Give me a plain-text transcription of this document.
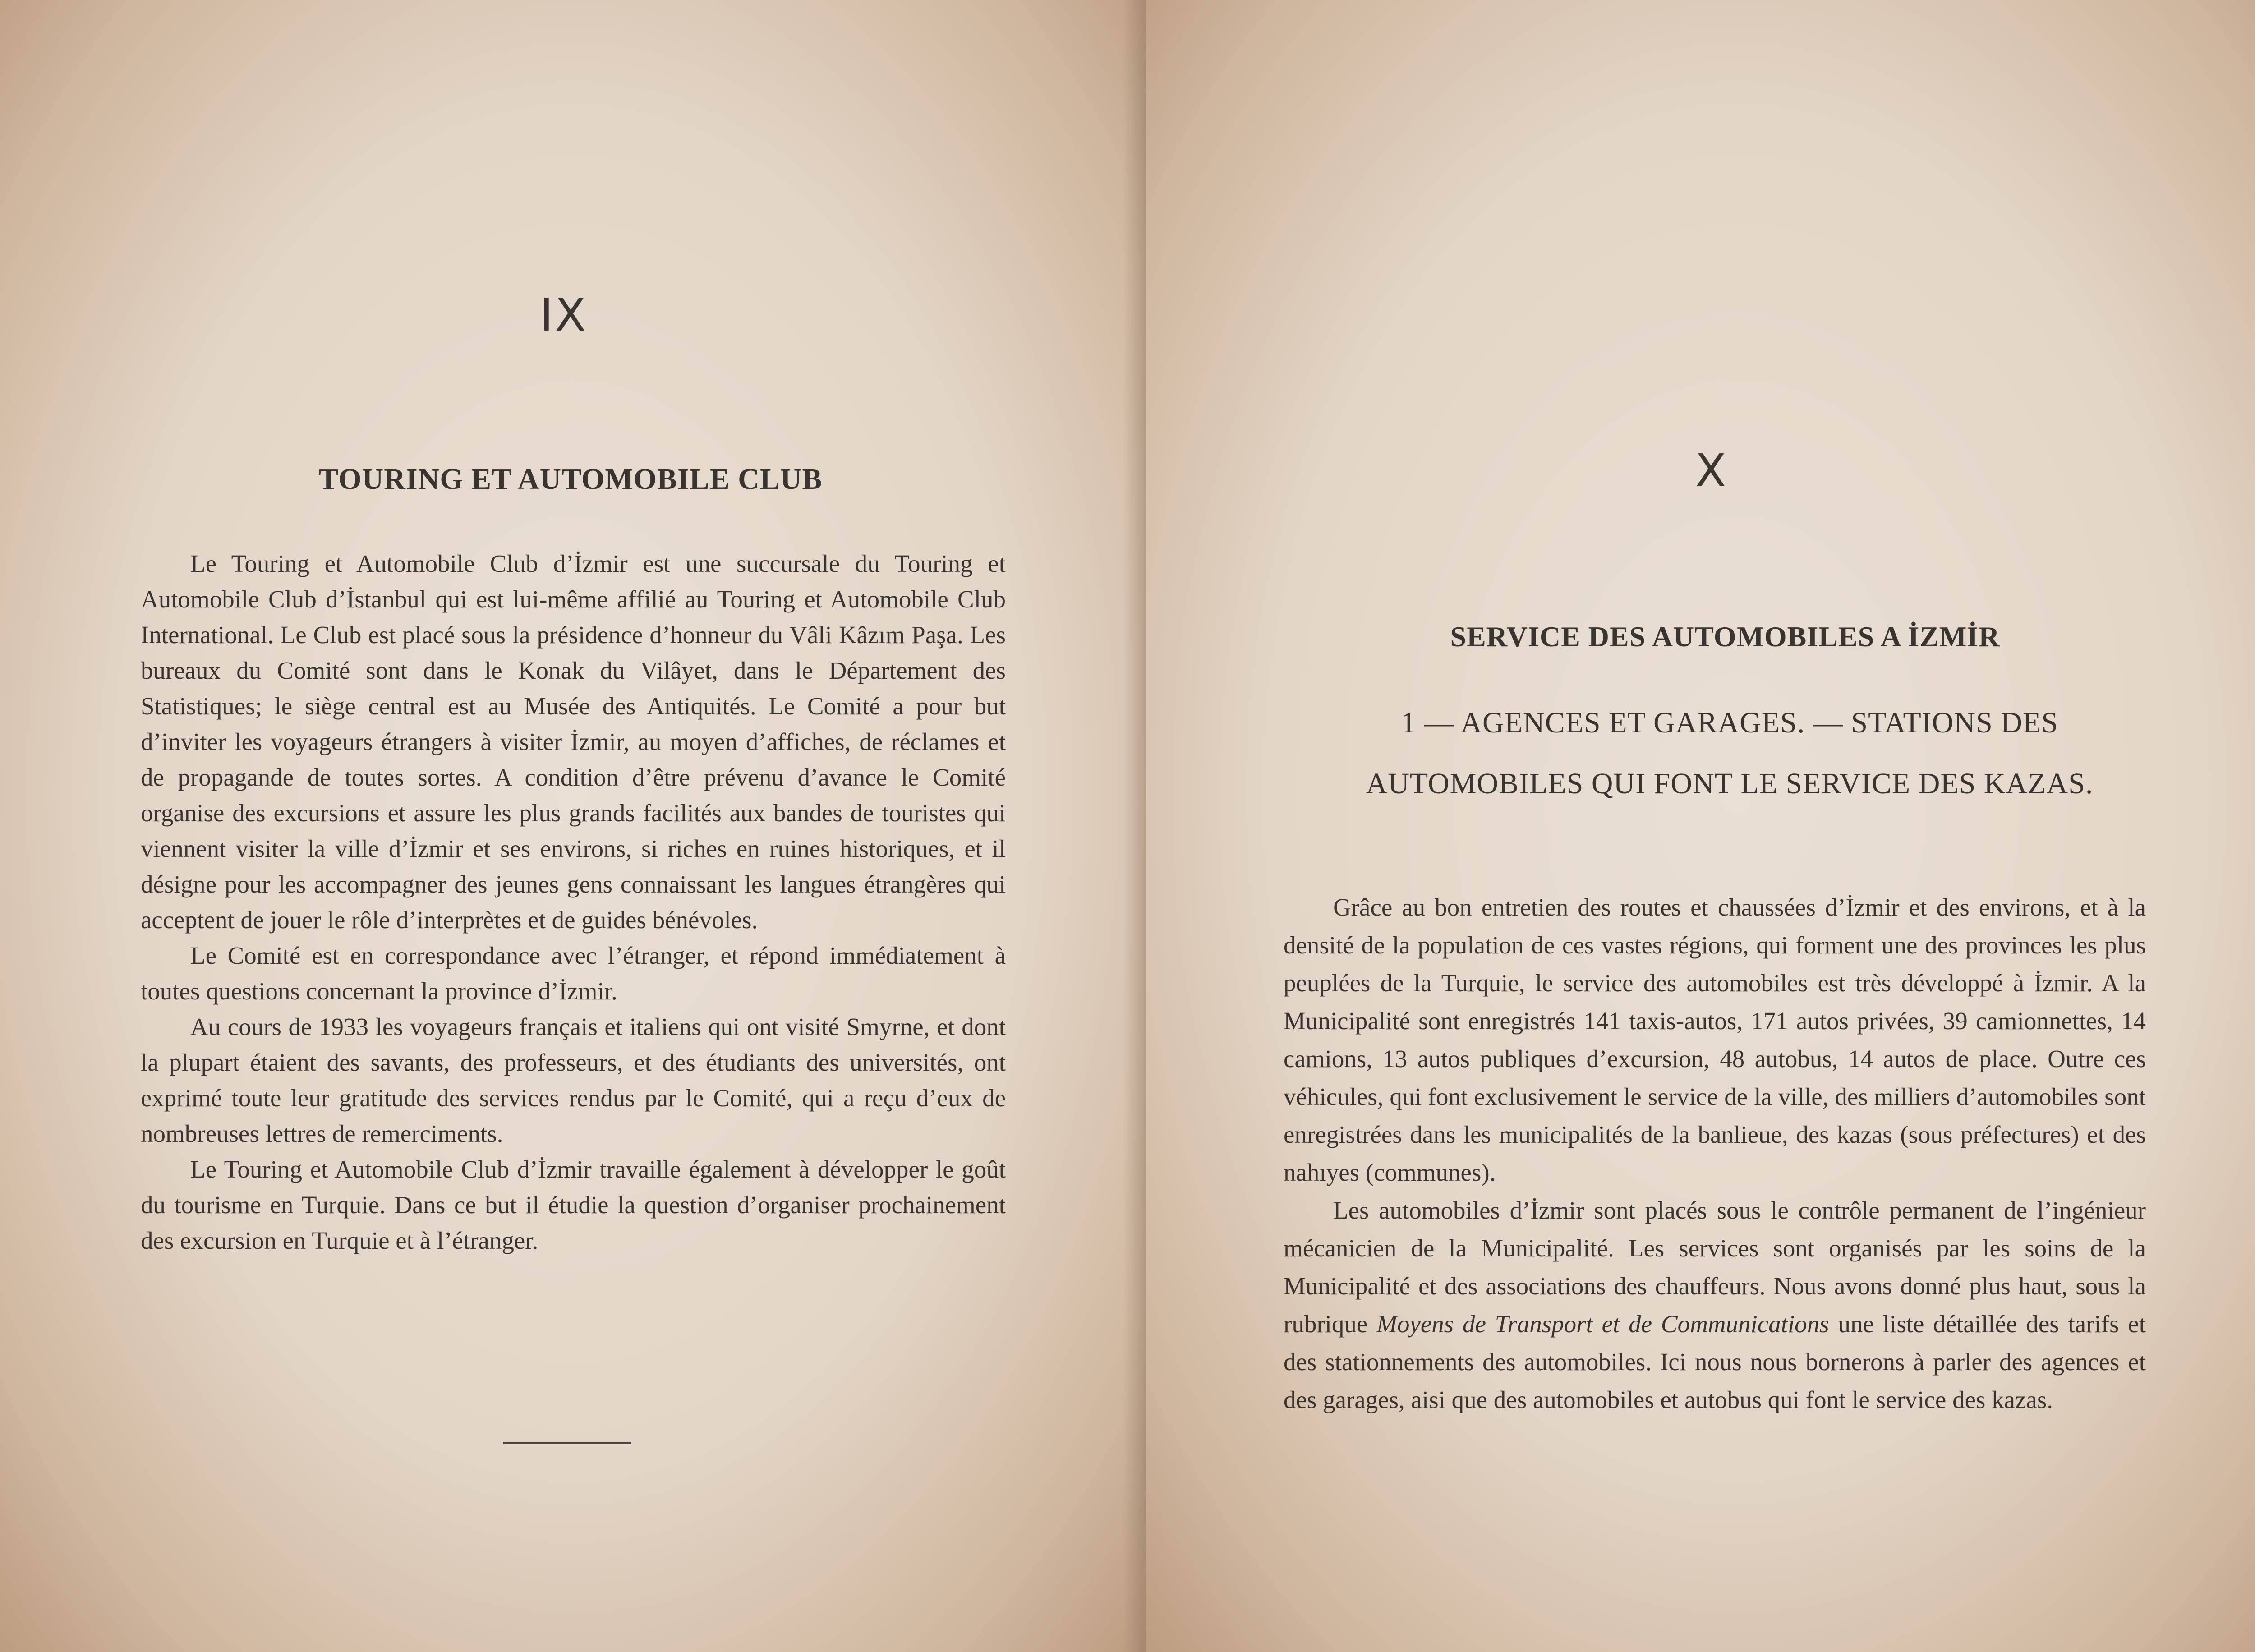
IX
TOURING ET AUTOMOBILE CLUB

Le Touring et Automobile Club d’İzmir est une succursale du Touring et Automobile Club d’İstanbul qui est lui-même affilié au Touring et Automobile Club International. Le Club est placé sous la présidence d’honneur du Vâli Kâzım Paşa. Les bureaux du Comité sont dans le Konak du Vilâyet, dans le Département des Statistiques; le siège central est au Musée des Antiquités. Le Comité a pour but d’inviter les voyageurs étrangers à visiter İzmir, au moyen d’affiches, de réclames et de propagande de toutes sortes. A condition d’être prévenu d’avance le Comité organise des excursions et assure les plus grands facilités aux bandes de touristes qui viennent visiter la ville d’İzmir et ses environs, si riches en ruines historiques, et il désigne pour les accompagner des jeunes gens connaissant les langues étrangères qui acceptent de jouer le rôle d’interprètes et de guides bénévoles.

Le Comité est en correspondance avec l’étranger, et répond immédiatement à toutes questions concernant la province d’İzmir.

Au cours de 1933 les voyageurs français et italiens qui ont visité Smyrne, et dont la plupart étaient des savants, des professeurs, et des étudiants des universités, ont exprimé toute leur gratitude des services rendus par le Comité, qui a reçu d’eux de nombreuses lettres de remerciments.

Le Touring et Automobile Club d’İzmir travaille également à développer le goût du tourisme en Turquie. Dans ce but il étudie la question d’organiser prochainement des excursion en Turquie et à l’étranger.

X
SERVICE DES AUTOMOBILES A İZMİR
1 — AGENCES ET GARAGES. — STATIONS DES
AUTOMOBILES QUI FONT LE SERVICE DES KAZAS.

Grâce au bon entretien des routes et chaussées d’İzmir et des environs, et à la densité de la population de ces vastes régions, qui forment une des provinces les plus peuplées de la Turquie, le service des automobiles est très développé à İzmir. A la Municipalité sont enregistrés 141 taxis-autos, 171 autos privées, 39 camionnettes, 14 camions, 13 autos publiques d’excursion, 48 autobus, 14 autos de place. Outre ces véhicules, qui font exclusivement le service de la ville, des milliers d’automobiles sont enregistrées dans les municipalités de la banlieue, des kazas (sous préfectures) et des nahıyes (communes).

Les automobiles d’İzmir sont placés sous le contrôle permanent de l’ingénieur mécanicien de la Municipalité. Les services sont organisés par les soins de la Municipalité et des associations des chauffeurs. Nous avons donné plus haut, sous la rubrique Moyens de Transport et de Communications une liste détaillée des tarifs et des stationnements des automobiles. Ici nous nous bornerons à parler des agences et des garages, aisi que des automobiles et autobus qui font le service des kazas.
